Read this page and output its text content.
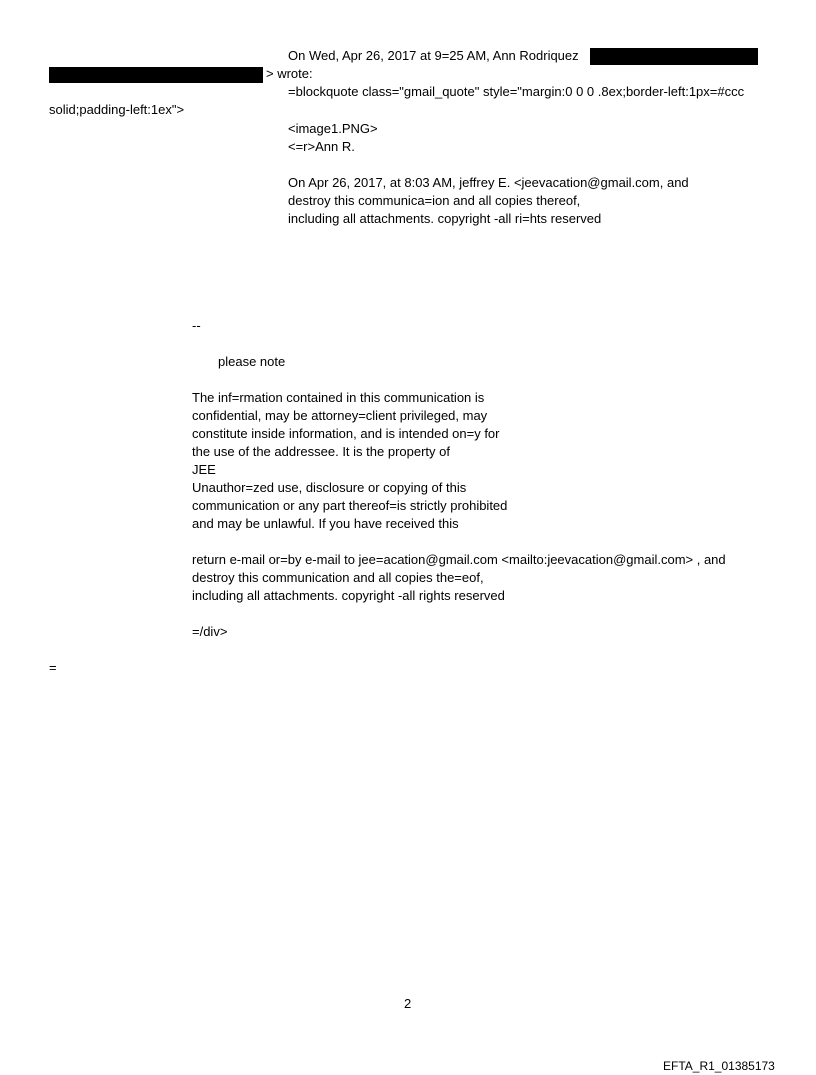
On Wed, Apr 26, 2017 at 9=25 AM, Ann Rodriquez
> wrote:
=blockquote class="gmail_quote" style="margin:0 0 0 .8ex;border-left:1px=#ccc
solid;padding-left:1ex">
<image1.PNG>
<=r>Ann R.
On Apr 26, 2017, at 8:03 AM, jeffrey E. <jeevacation@gmail.com, and
destroy this communica=ion and all copies thereof,
including all attachments. copyright -all ri=hts reserved
--
please note
The inf=rmation contained in this communication is
confidential, may be attorney=client privileged, may
constitute inside information, and is intended on=y for
the use of the addressee. It is the property of
JEE
Unauthor=zed use, disclosure or copying of this
communication or any part thereof=is strictly prohibited
and may be unlawful. If you have received this
return e-mail or=by e-mail to jee=acation@gmail.com <mailto:jeevacation@gmail.com> , and
destroy this communication and all copies the=eof,
including all attachments. copyright -all rights reserved
=/div>
=
2
EFTA_R1_01385173
